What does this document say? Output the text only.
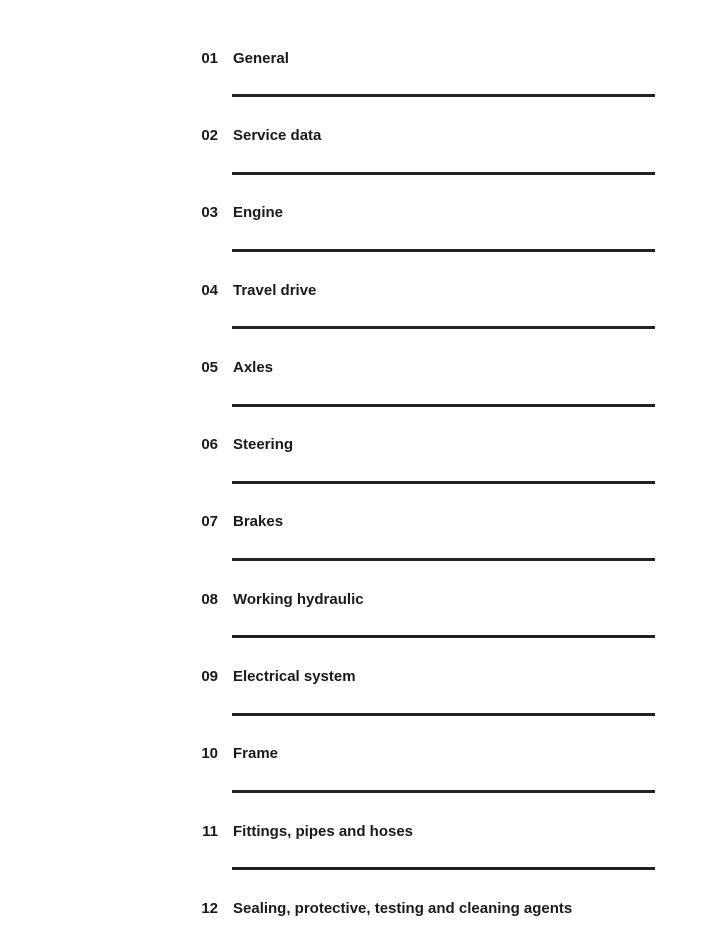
01 General
02 Service data
03 Engine
04 Travel drive
05 Axles
06 Steering
07 Brakes
08 Working hydraulic
09 Electrical system
10 Frame
11 Fittings, pipes and hoses
12 Sealing, protective, testing and cleaning agents
